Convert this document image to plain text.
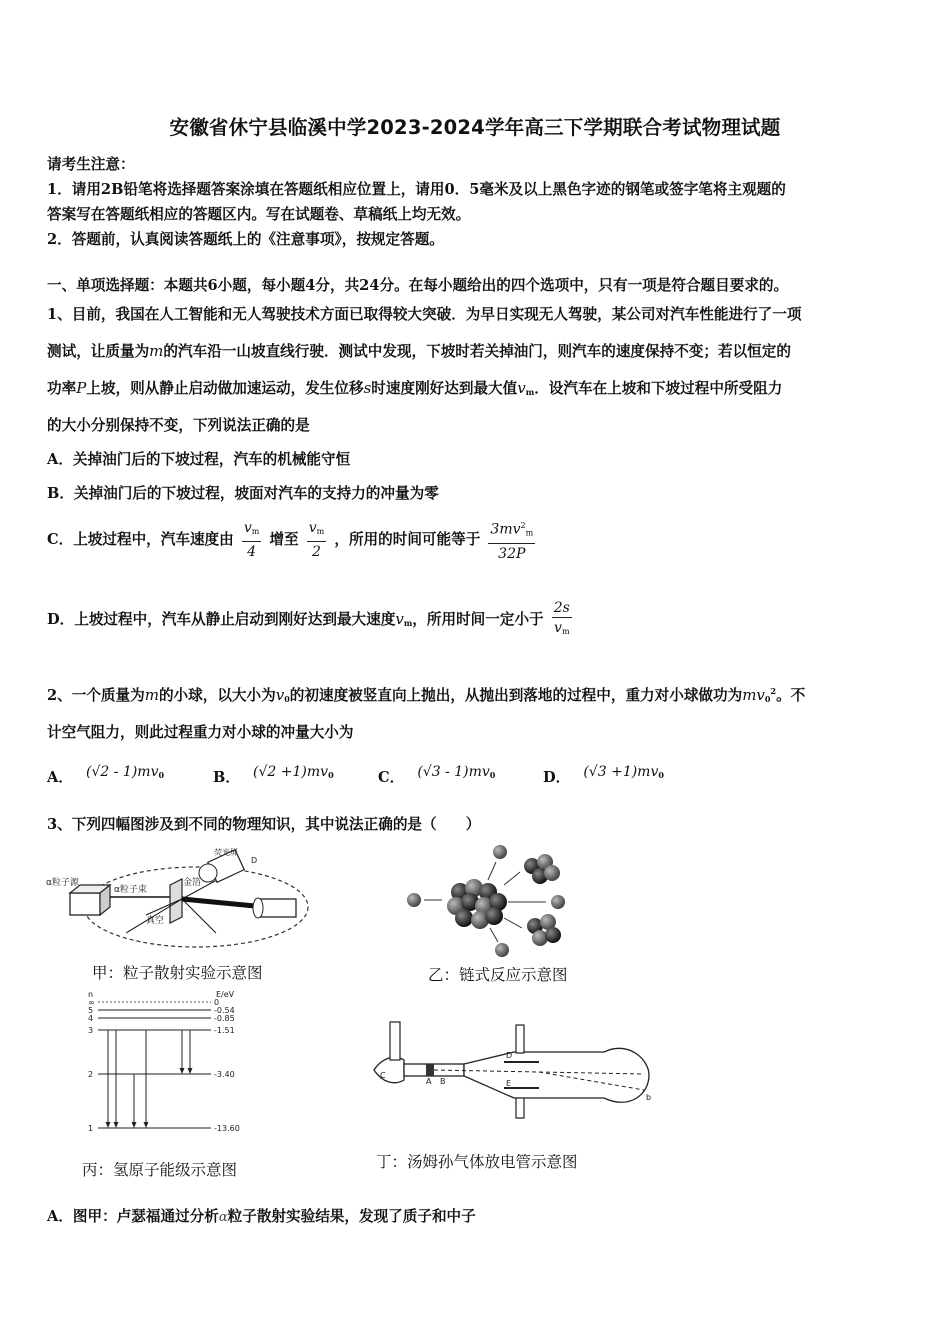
安徽省休宁县临溪中学2023-2024学年高三下学期联合考试物理试题
请考生注意：
1．请用2B铅笔将选择题答案涂填在答题纸相应位置上，请用0．5毫米及以上黑色字迹的钢笔或签字笔将主观题的
答案写在答题纸相应的答题区内。写在试题卷、草稿纸上均无效。
2．答题前，认真阅读答题纸上的《注意事项》，按规定答题。
一、单项选择题：本题共6小题，每小题4分，共24分。在每小题给出的四个选项中，只有一项是符合题目要求的。
1、目前，我国在人工智能和无人驾驶技术方面已取得较大突破．为早日实现无人驾驶，某公司对汽车性能进行了一项
测试，让质量为m的汽车沿一山坡直线行驶．测试中发现，下坡时若关掉油门，则汽车的速度保持不变；若以恒定的
功率P上坡，则从静止启动做加速运动，发生位移s时速度刚好达到最大值$v_m$．设汽车在上坡和下坡过程中所受阻力
的大小分别保持不变，下列说法正确的是
A．关掉油门后的下坡过程，汽车的机械能守恒
B．关掉油门后的下坡过程，坡面对汽车的支持力的冲量为零
C．上坡过程中，汽车速度由 $\frac{v_m}{4}$ 增至 $\frac{v_m}{2}$ ，所用的时间可能等于 $\frac{3mv^2_m}{32P}$
D．上坡过程中，汽车从静止启动到刚好达到最大速度$v_m$，所用时间一定小于 $\frac{2s}{v_m}$
2、一个质量为m的小球，以大小为$v_0$的初速度被竖直向上抛出，从抛出到落地的过程中，重力对小球做功为$mv_0^2$。不
计空气阻力，则此过程重力对小球的冲量大小为
A． $(√2 - 1)mv_0$	B． $(√2 +1)mv_0$	C． $(√3 - 1)mv_0$	D． $(√3 +1)mv_0$
3、下列四幅图涉及到不同的物理知识，其中说法正确的是（　　）
α粒子源
α粒子束
金箔
真空
荧光屏
D
甲：粒子散射实验示意图	乙：链式反应示意图
n	E/eV
∞	0
5	-0.54
4	-0.85
3	-1.51
2	-3.40
1	-13.60
丙：氢原子能级示意图
C
A B
D
E
b
丁：汤姆孙气体放电管示意图
A．图甲：卢瑟福通过分析α粒子散射实验结果，发现了质子和中子
